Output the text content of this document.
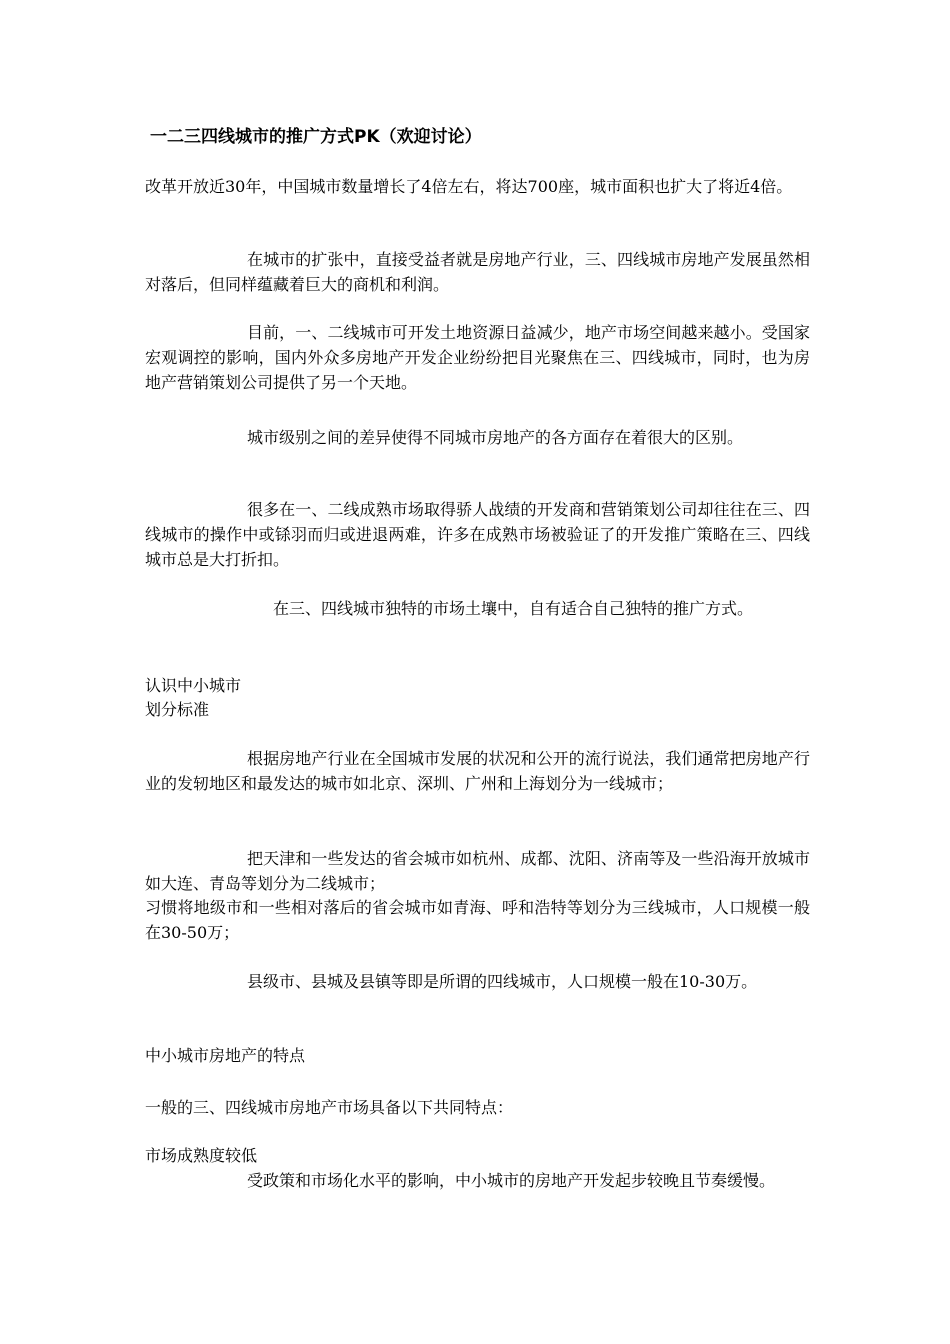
一二三四线城市的推广方式PK（欢迎讨论）
改革开放近30年，中国城市数量增长了4倍左右，将达700座，城市面积也扩大了将近4倍。
在城市的扩张中，直接受益者就是房地产行业，三、四线城市房地产发展虽然相对落后，但同样蕴藏着巨大的商机和利润。
目前，一、二线城市可开发土地资源日益减少，地产市场空间越来越小。受国家宏观调控的影响，国内外众多房地产开发企业纷纷把目光聚焦在三、四线城市，同时，也为房地产营销策划公司提供了另一个天地。
城市级别之间的差异使得不同城市房地产的各方面存在着很大的区别。
很多在一、二线成熟市场取得骄人战绩的开发商和营销策划公司却往往在三、四线城市的操作中或铩羽而归或进退两难，许多在成熟市场被验证了的开发推广策略在三、四线城市总是大打折扣。
在三、四线城市独特的市场土壤中，自有适合自己独特的推广方式。
认识中小城市
划分标准
根据房地产行业在全国城市发展的状况和公开的流行说法，我们通常把房地产行业的发轫地区和最发达的城市如北京、深圳、广州和上海划分为一线城市；
把天津和一些发达的省会城市如杭州、成都、沈阳、济南等及一些沿海开放城市如大连、青岛等划分为二线城市；
习惯将地级市和一些相对落后的省会城市如青海、呼和浩特等划分为三线城市，人口规模一般在30-50万；
县级市、县城及县镇等即是所谓的四线城市，人口规模一般在10-30万。
中小城市房地产的特点
一般的三、四线城市房地产市场具备以下共同特点：
市场成熟度较低
受政策和市场化水平的影响，中小城市的房地产开发起步较晚且节奏缓慢。
